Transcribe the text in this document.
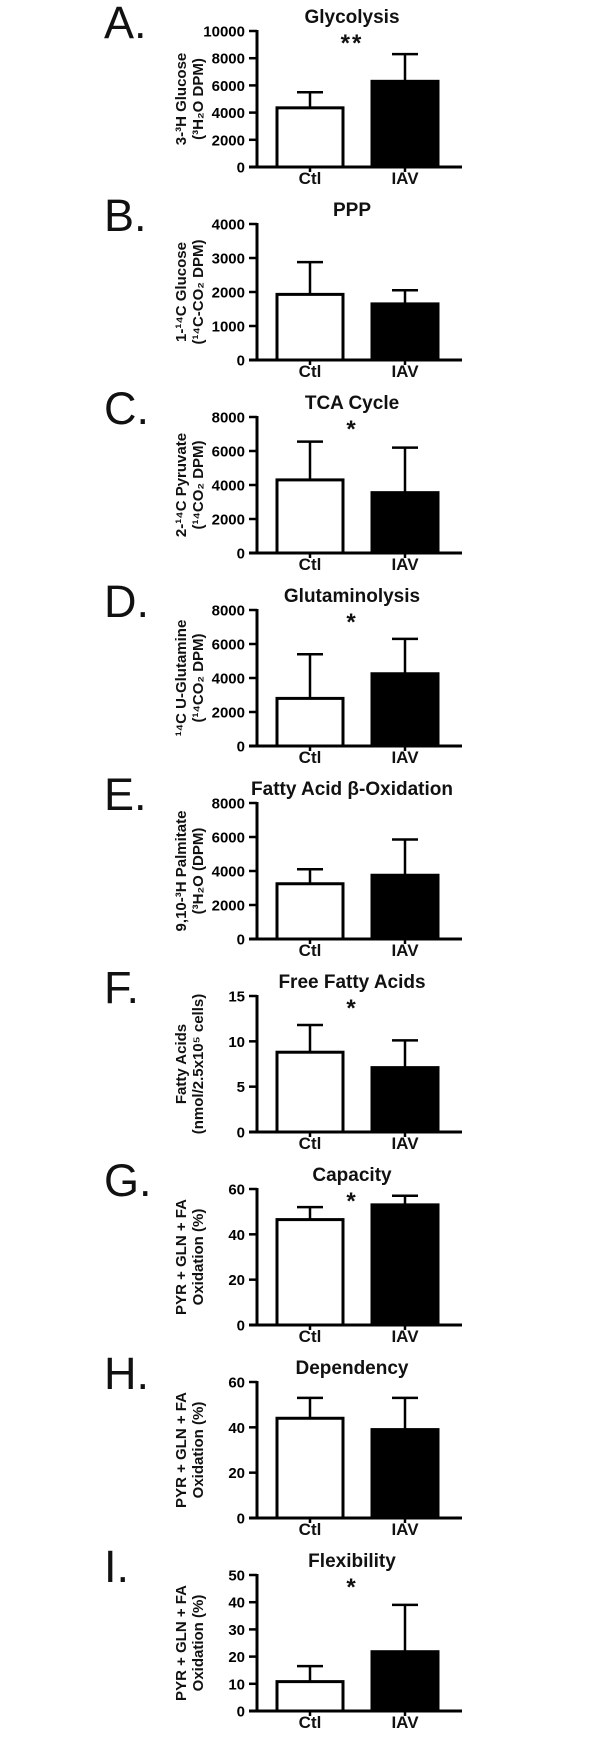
A.
3-³H Glucose (³H₂O DPM)
Glycolysis
**
0
2000
4000
6000
8000
10000
Ctl	IAV
B.
1-¹⁴C Glucose (¹⁴C-CO₂ DPM)
PPP
0
1000
2000
3000
4000
Ctl	IAV
C.
2-¹⁴C Pyruvate (¹⁴CO₂ DPM)
TCA Cycle
*
0
2000
4000
6000
8000
Ctl	IAV
D.
¹⁴C U-Glutamine (¹⁴CO₂ DPM)
Glutaminolysis
*
0
2000
4000
6000
8000
Ctl	IAV
E.
9,10-³H Palmitate (³H₂O (DPM)
Fatty Acid β-Oxidation
0
2000
4000
6000
8000
Ctl	IAV
F.
Fatty Acids (nmol/2.5x10⁵ cells)
Free Fatty Acids
*
0
5
10
15
Ctl	IAV
G.
PYR + GLN + FA Oxidation (%)
Capacity
*
0
20
40
60
Ctl	IAV
H.
PYR + GLN + FA Oxidation (%)
Dependency
0
20
40
60
Ctl	IAV
I.
PYR + GLN + FA Oxidation (%)
Flexibility
*
0
10
20
30
40
50
Ctl	IAV
